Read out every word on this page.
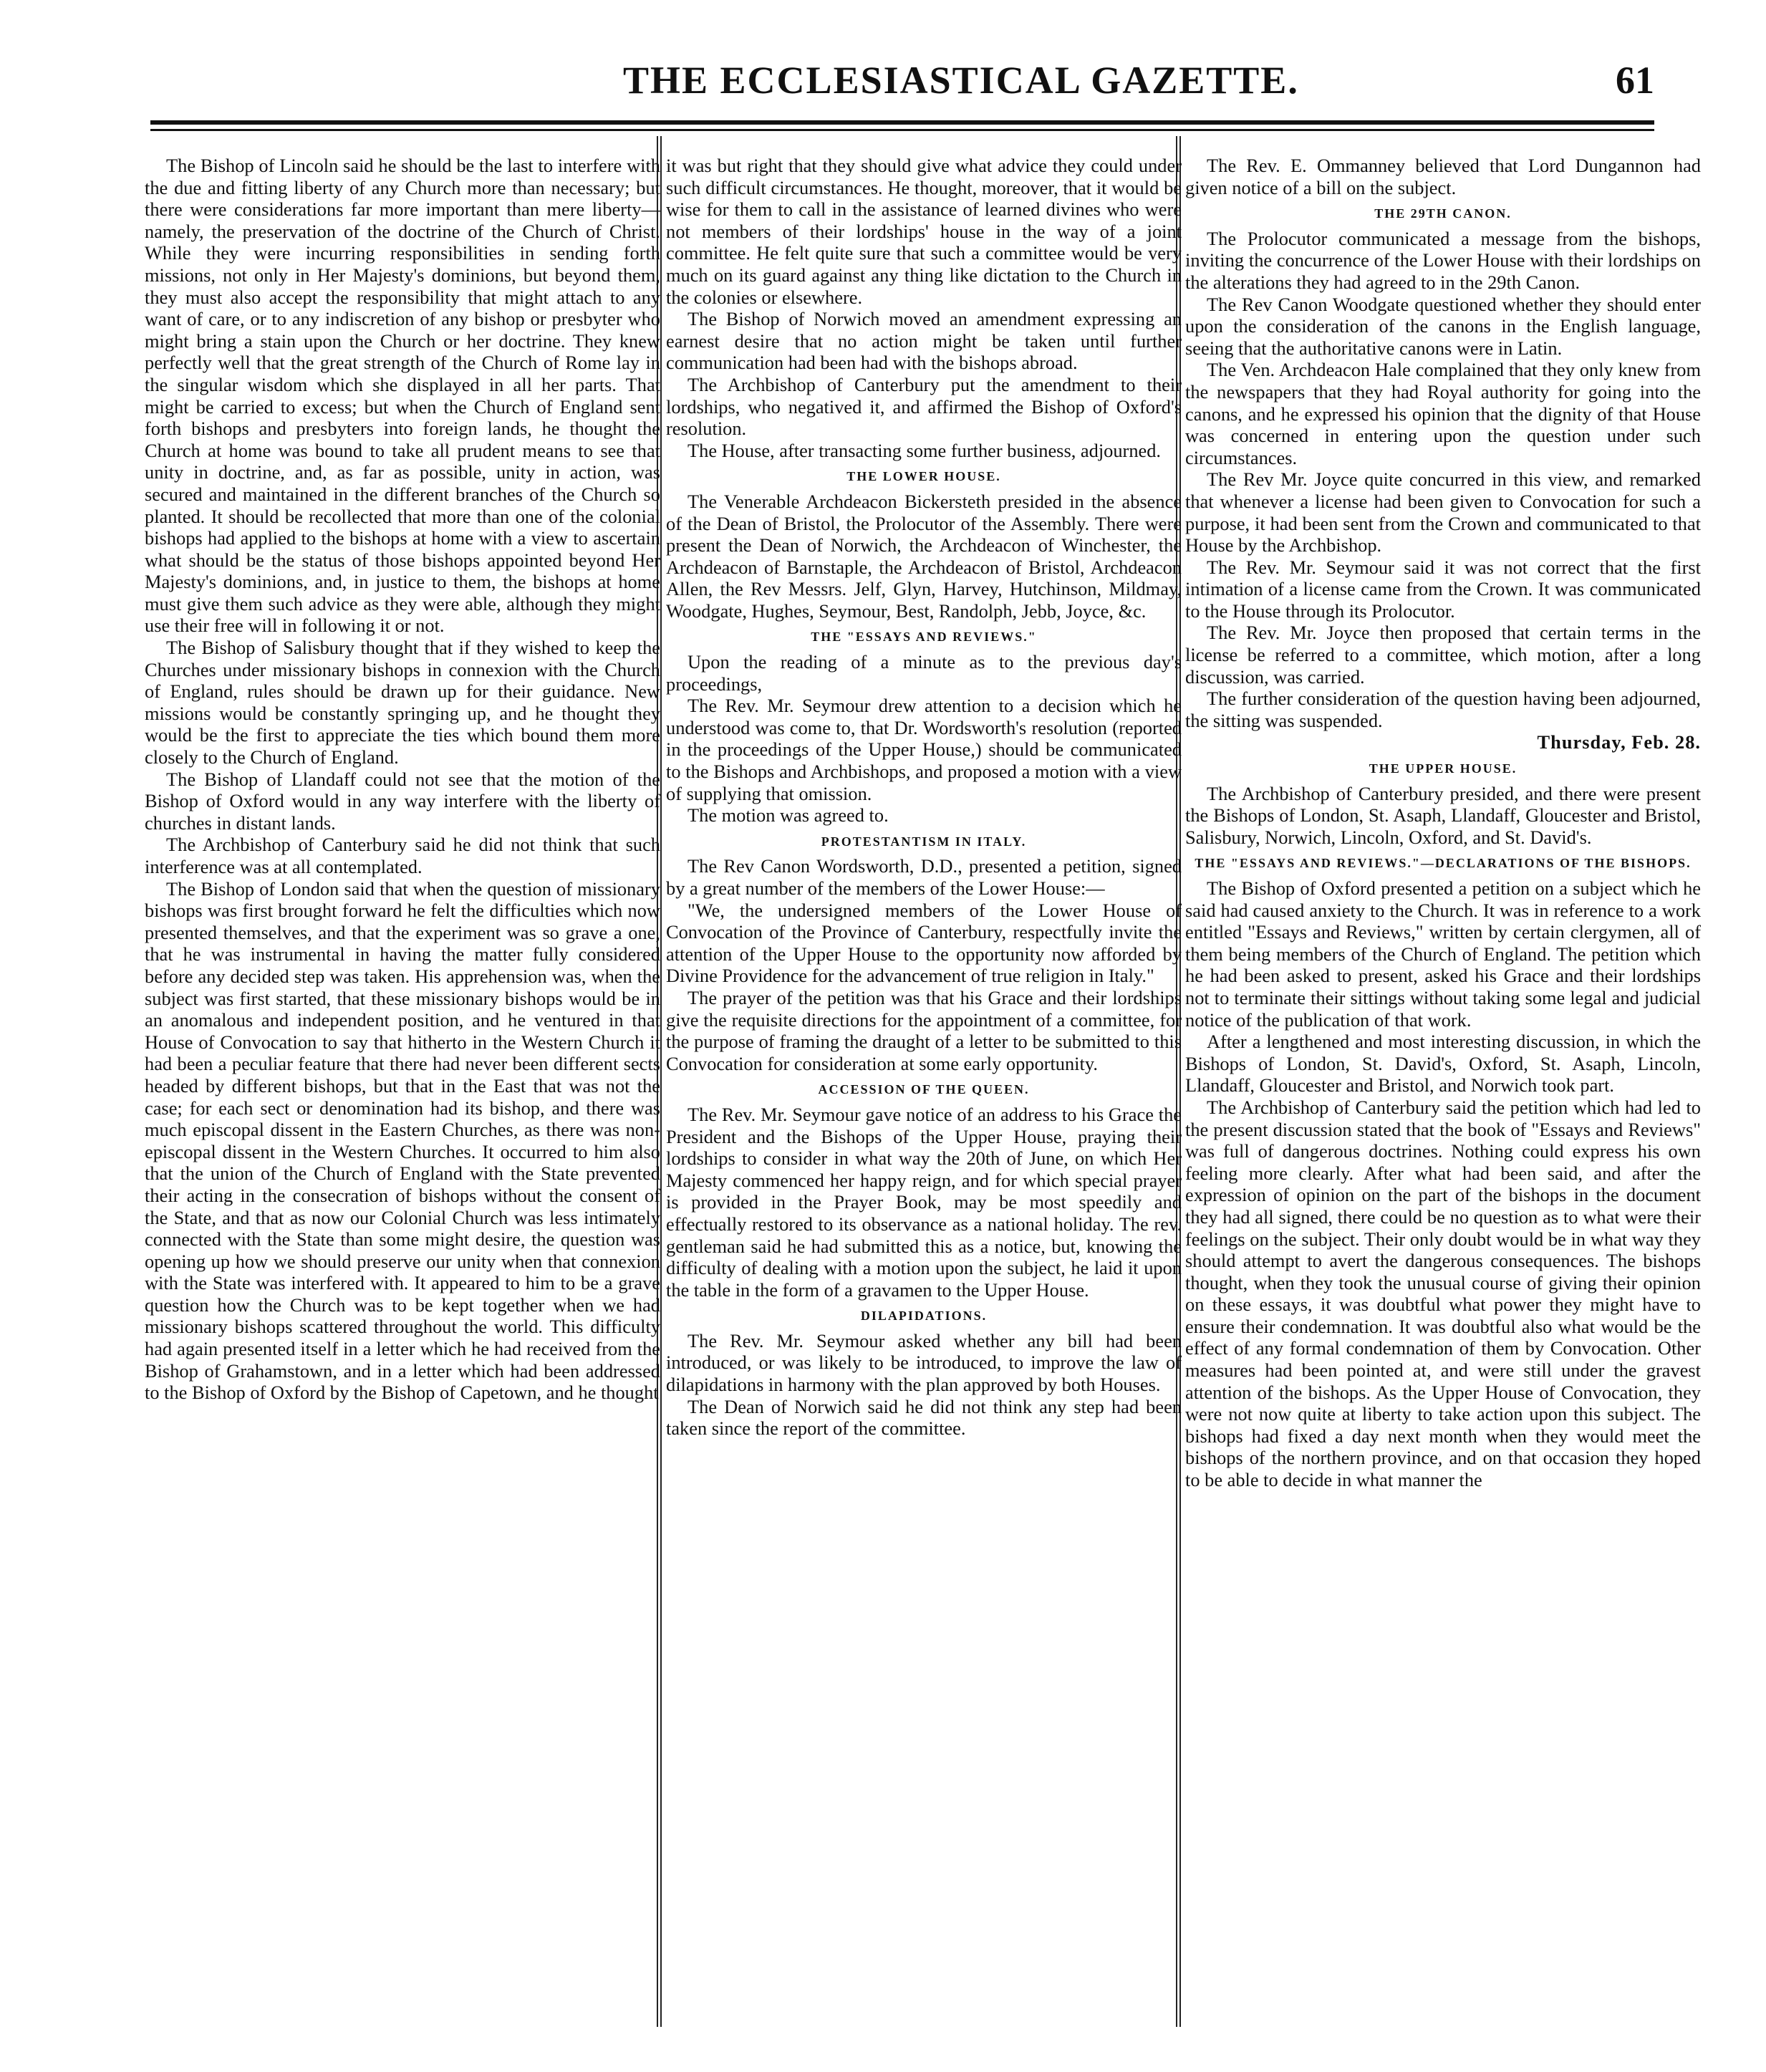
THE ECCLESIASTICAL GAZETTE.	61

The Bishop of Lincoln said he should be the last to interfere with the due and fitting liberty of any Church more than necessary; but there were considerations far more important than mere liberty—namely, the preservation of the doctrine of the Church of Christ. While they were incurring responsibilities in sending forth missions, not only in Her Majesty's dominions, but beyond them, they must also accept the responsibility that might attach to any want of care, or to any indiscretion of any bishop or presbyter who might bring a stain upon the Church or her doctrine. They knew perfectly well that the great strength of the Church of Rome lay in the singular wisdom which she displayed in all her parts. That might be carried to excess; but when the Church of England sent forth bishops and presbyters into foreign lands, he thought the Church at home was bound to take all prudent means to see that unity in doctrine, and, as far as possible, unity in action, was secured and maintained in the different branches of the Church so planted. It should be recollected that more than one of the colonial bishops had applied to the bishops at home with a view to ascertain what should be the status of those bishops appointed beyond Her Majesty's dominions, and, in justice to them, the bishops at home must give them such advice as they were able, although they might use their free will in following it or not.

The Bishop of Salisbury thought that if they wished to keep the Churches under missionary bishops in connexion with the Church of England, rules should be drawn up for their guidance. New missions would be constantly springing up, and he thought they would be the first to appreciate the ties which bound them more closely to the Church of England.

The Bishop of Llandaff could not see that the motion of the Bishop of Oxford would in any way interfere with the liberty of churches in distant lands.

The Archbishop of Canterbury said he did not think that such interference was at all contemplated.

The Bishop of London said that when the question of missionary bishops was first brought forward he felt the difficulties which now presented themselves, and that the experiment was so grave a one, that he was instrumental in having the matter fully considered before any decided step was taken. His apprehension was, when the subject was first started, that these missionary bishops would be in an anomalous and independent position, and he ventured in that House of Convocation to say that hitherto in the Western Church it had been a peculiar feature that there had never been different sects headed by different bishops, but that in the East that was not the case; for each sect or denomination had its bishop, and there was much episcopal dissent in the Eastern Churches, as there was non-episcopal dissent in the Western Churches. It occurred to him also that the union of the Church of England with the State prevented their acting in the consecration of bishops without the consent of the State, and that as now our Colonial Church was less intimately connected with the State than some might desire, the question was opening up how we should preserve our unity when that connexion with the State was interfered with. It appeared to him to be a grave question how the Church was to be kept together when we had missionary bishops scattered throughout the world. This difficulty had again presented itself in a letter which he had received from the Bishop of Grahamstown, and in a letter which had been addressed to the Bishop of Oxford by the Bishop of Capetown, and he thought

it was but right that they should give what advice they could under such difficult circumstances. He thought, moreover, that it would be wise for them to call in the assistance of learned divines who were not members of their lordships' house in the way of a joint committee. He felt quite sure that such a committee would be very much on its guard against any thing like dictation to the Church in the colonies or elsewhere.

The Bishop of Norwich moved an amendment expressing an earnest desire that no action might be taken until further communication had been had with the bishops abroad.

The Archbishop of Canterbury put the amendment to their lordships, who negatived it, and affirmed the Bishop of Oxford's resolution.

The House, after transacting some further business, adjourned.

THE LOWER HOUSE.

The Venerable Archdeacon Bickersteth presided in the absence of the Dean of Bristol, the Prolocutor of the Assembly. There were present the Dean of Norwich, the Archdeacon of Winchester, the Archdeacon of Barnstaple, the Archdeacon of Bristol, Archdeacon Allen, the Rev Messrs. Jelf, Glyn, Harvey, Hutchinson, Mildmay, Woodgate, Hughes, Seymour, Best, Randolph, Jebb, Joyce, &c.

THE "ESSAYS AND REVIEWS."

Upon the reading of a minute as to the previous day's proceedings,

The Rev. Mr. Seymour drew attention to a decision which he understood was come to, that Dr. Wordsworth's resolution (reported in the proceedings of the Upper House,) should be communicated to the Bishops and Archbishops, and proposed a motion with a view of supplying that omission.

The motion was agreed to.

PROTESTANTISM IN ITALY.

The Rev Canon Wordsworth, D.D., presented a petition, signed by a great number of the members of the Lower House:—

"We, the undersigned members of the Lower House of Convocation of the Province of Canterbury, respectfully invite the attention of the Upper House to the opportunity now afforded by Divine Providence for the advancement of true religion in Italy."

The prayer of the petition was that his Grace and their lordships give the requisite directions for the appointment of a committee, for the purpose of framing the draught of a letter to be submitted to this Convocation for consideration at some early opportunity.

ACCESSION OF THE QUEEN.

The Rev. Mr. Seymour gave notice of an address to his Grace the President and the Bishops of the Upper House, praying their lordships to consider in what way the 20th of June, on which Her Majesty commenced her happy reign, and for which special prayer is provided in the Prayer Book, may be most speedily and effectually restored to its observance as a national holiday. The rev. gentleman said he had submitted this as a notice, but, knowing the difficulty of dealing with a motion upon the subject, he laid it upon the table in the form of a gravamen to the Upper House.

DILAPIDATIONS.

The Rev. Mr. Seymour asked whether any bill had been introduced, or was likely to be introduced, to improve the law of dilapidations in harmony with the plan approved by both Houses.

The Dean of Norwich said he did not think any step had been taken since the report of the committee.

The Rev. E. Ommanney believed that Lord Dungannon had given notice of a bill on the subject.

THE 29TH CANON.

The Prolocutor communicated a message from the bishops, inviting the concurrence of the Lower House with their lordships on the alterations they had agreed to in the 29th Canon.

The Rev Canon Woodgate questioned whether they should enter upon the consideration of the canons in the English language, seeing that the authoritative canons were in Latin.

The Ven. Archdeacon Hale complained that they only knew from the newspapers that they had Royal authority for going into the canons, and he expressed his opinion that the dignity of that House was concerned in entering upon the question under such circumstances.

The Rev Mr. Joyce quite concurred in this view, and remarked that whenever a license had been given to Convocation for such a purpose, it had been sent from the Crown and communicated to that House by the Archbishop.

The Rev. Mr. Seymour said it was not correct that the first intimation of a license came from the Crown. It was communicated to the House through its Prolocutor.

The Rev. Mr. Joyce then proposed that certain terms in the license be referred to a committee, which motion, after a long discussion, was carried.

The further consideration of the question having been adjourned, the sitting was suspended.

Thursday, Feb. 28.

THE UPPER HOUSE.

The Archbishop of Canterbury presided, and there were present the Bishops of London, St. Asaph, Llandaff, Gloucester and Bristol, Salisbury, Norwich, Lincoln, Oxford, and St. David's.

THE "ESSAYS AND REVIEWS."—DECLARATIONS OF THE BISHOPS.

The Bishop of Oxford presented a petition on a subject which he said had caused anxiety to the Church. It was in reference to a work entitled "Essays and Reviews," written by certain clergymen, all of them being members of the Church of England. The petition which he had been asked to present, asked his Grace and their lordships not to terminate their sittings without taking some legal and judicial notice of the publication of that work.

After a lengthened and most interesting discussion, in which the Bishops of London, St. David's, Oxford, St. Asaph, Lincoln, Llandaff, Gloucester and Bristol, and Norwich took part.

The Archbishop of Canterbury said the petition which had led to the present discussion stated that the book of "Essays and Reviews" was full of dangerous doctrines. Nothing could express his own feeling more clearly. After what had been said, and after the expression of opinion on the part of the bishops in the document they had all signed, there could be no question as to what were their feelings on the subject. Their only doubt would be in what way they should attempt to avert the dangerous consequences. The bishops thought, when they took the unusual course of giving their opinion on these essays, it was doubtful what power they might have to ensure their condemnation. It was doubtful also what would be the effect of any formal condemnation of them by Convocation. Other measures had been pointed at, and were still under the gravest attention of the bishops. As the Upper House of Convocation, they were not now quite at liberty to take action upon this subject. The bishops had fixed a day next month when they would meet the bishops of the northern province, and on that occasion they hoped to be able to decide in what manner the
